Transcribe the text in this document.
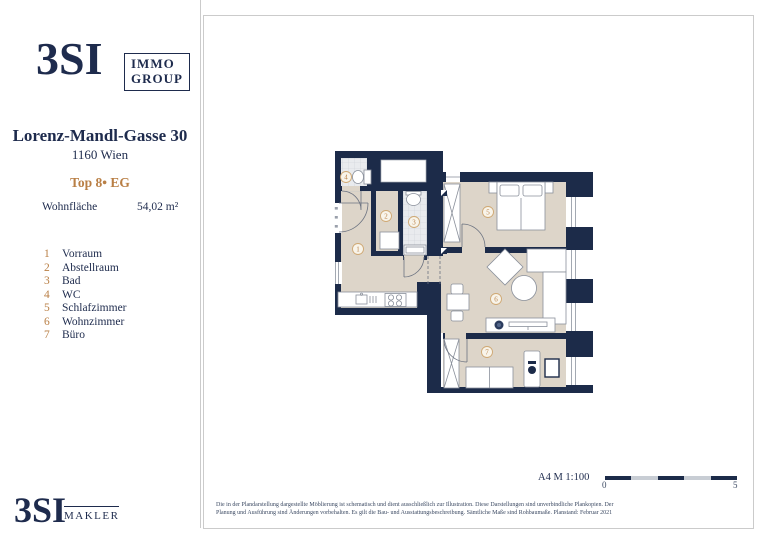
3SI IMMO
GROUP
Lorenz-Mandl-Gasse 30
1160 Wien
Top 8• EG
Wohnfläche	54,02 m²
1	Vorraum
2	Abstellraum
3	Bad
4	WC
5	Schlafzimmer
6	Wohnzimmer
7	Büro
1
2
3
4
5
6
7
A4 M 1:100
0	5
3SI
MAKLER
Die in der Plandarstellung dargestellte Möblierung ist schematisch und dient ausschließlich zur Illustration. Diese Darstellungen sind unverbindliche Plankopien. Der Planung und Ausführung sind Änderungen vorbehalten. Es gilt die Bau- und Ausstattungsbeschreibung. Sämtliche Maße sind Rohbaumaße. Planstand: Februar 2021
